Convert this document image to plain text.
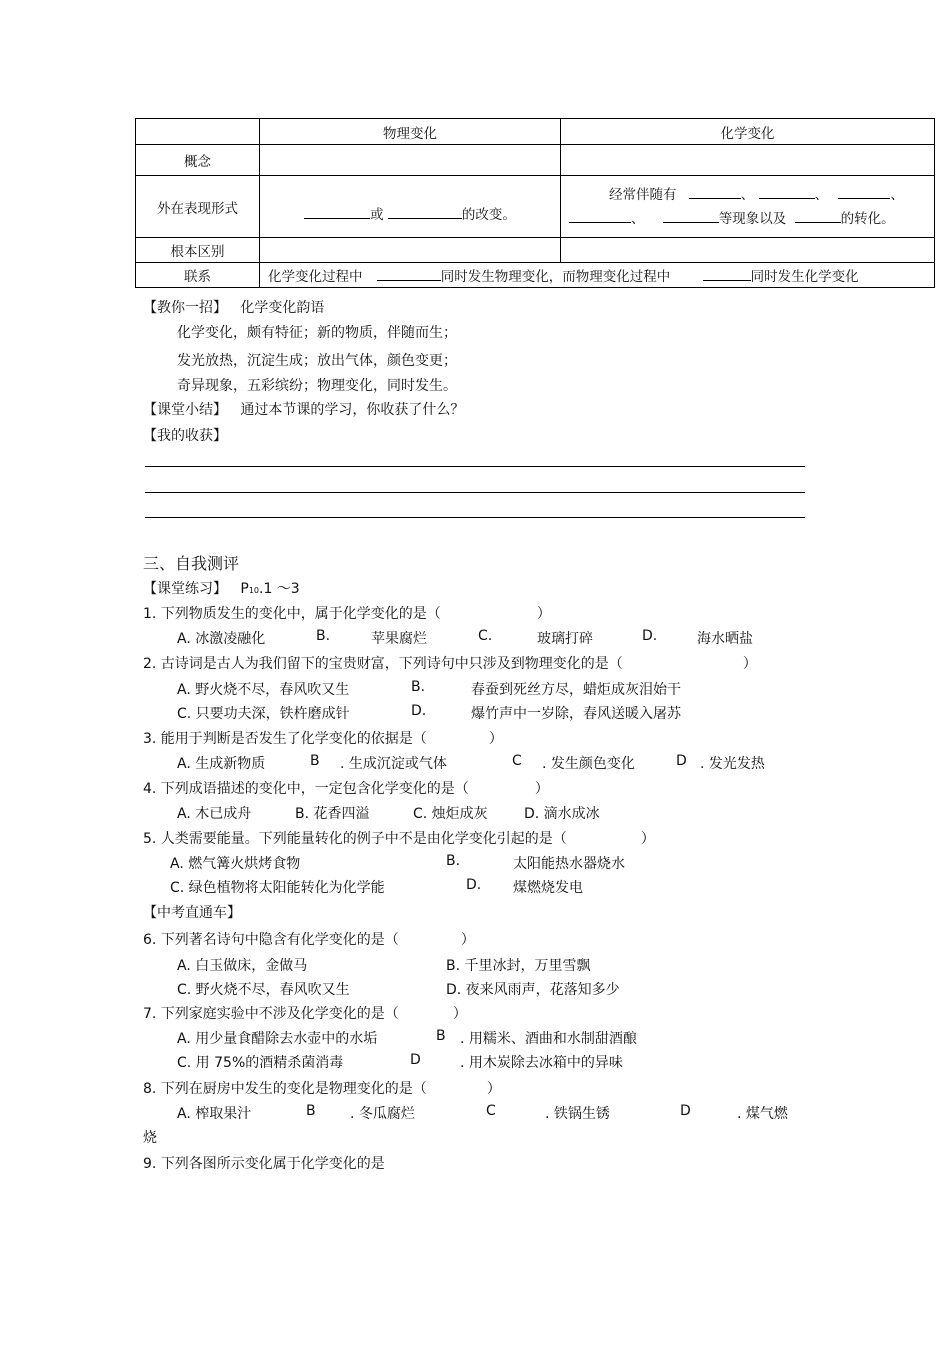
	物理变化	化学变化
概念		
外在表现形式	或 的改变。	经常伴随有 、 、 、
、 等现象以及 的转化。

根本区别		
联系	化学变化过程中 同时发生物理变化，而物理变化过程中 同时发生化学变化	
【教你一招】 化学变化韵语
化学变化，颇有特征；新的物质，伴随而生；
发光放热，沉淀生成；放出气体，颜色变更；
奇异现象，五彩缤纷；物理变化，同时发生。
【课堂小结】 通过本节课的学习，你收获了什么？
【我的收获】
三、自我测评
【课堂练习】 P10.1 ～3
1. 下列物质发生的变化中，属于化学变化的是（	）
A. 冰激凌融化	B.	苹果腐烂	C.	玻璃打碎	D.	海水晒盐
2. 古诗词是古人为我们留下的宝贵财富，下列诗句中只涉及到物理变化的是（	）
A. 野火烧不尽，春风吹又生	B.	春蚕到死丝方尽，蜡炬成灰泪始干
C. 只要功夫深，铁杵磨成针	D.	爆竹声中一岁除，春风送暖入屠苏
3. 能用于判断是否发生了化学变化的依据是（	）
A. 生成新物质	B . 生成沉淀或气体	C . 发生颜色变化	D . 发光发热
4. 下列成语描述的变化中，一定包含化学变化的是（	）
A. 木已成舟	B. 花香四溢	C. 烛炬成灰	D. 滴水成冰
5. 人类需要能量。下列能量转化的例子中不是由化学变化引起的是（	）
A. 燃气篝火烘烤食物	B.	太阳能热水器烧水
C. 绿色植物将太阳能转化为化学能	D. 煤燃烧发电
【中考直通车】
6. 下列著名诗句中隐含有化学变化的是（	）
A. 白玉做床，金做马	B. 千里冰封，万里雪飘
C. 野火烧不尽，春风吹又生	D. 夜来风雨声，花落知多少
7. 下列家庭实验中不涉及化学变化的是（	）
A. 用少量食醋除去水壶中的水垢	B . 用糯米、酒曲和水制甜酒酿
C. 用 75%的酒精杀菌消毒	D	. 用木炭除去冰箱中的异味
8. 下列在厨房中发生的变化是物理变化的是（	）
A. 榨取果汁	B . 冬瓜腐烂	C	. 铁锅生锈	D	. 煤气燃
烧
9. 下列各图所示变化属于化学变化的是
